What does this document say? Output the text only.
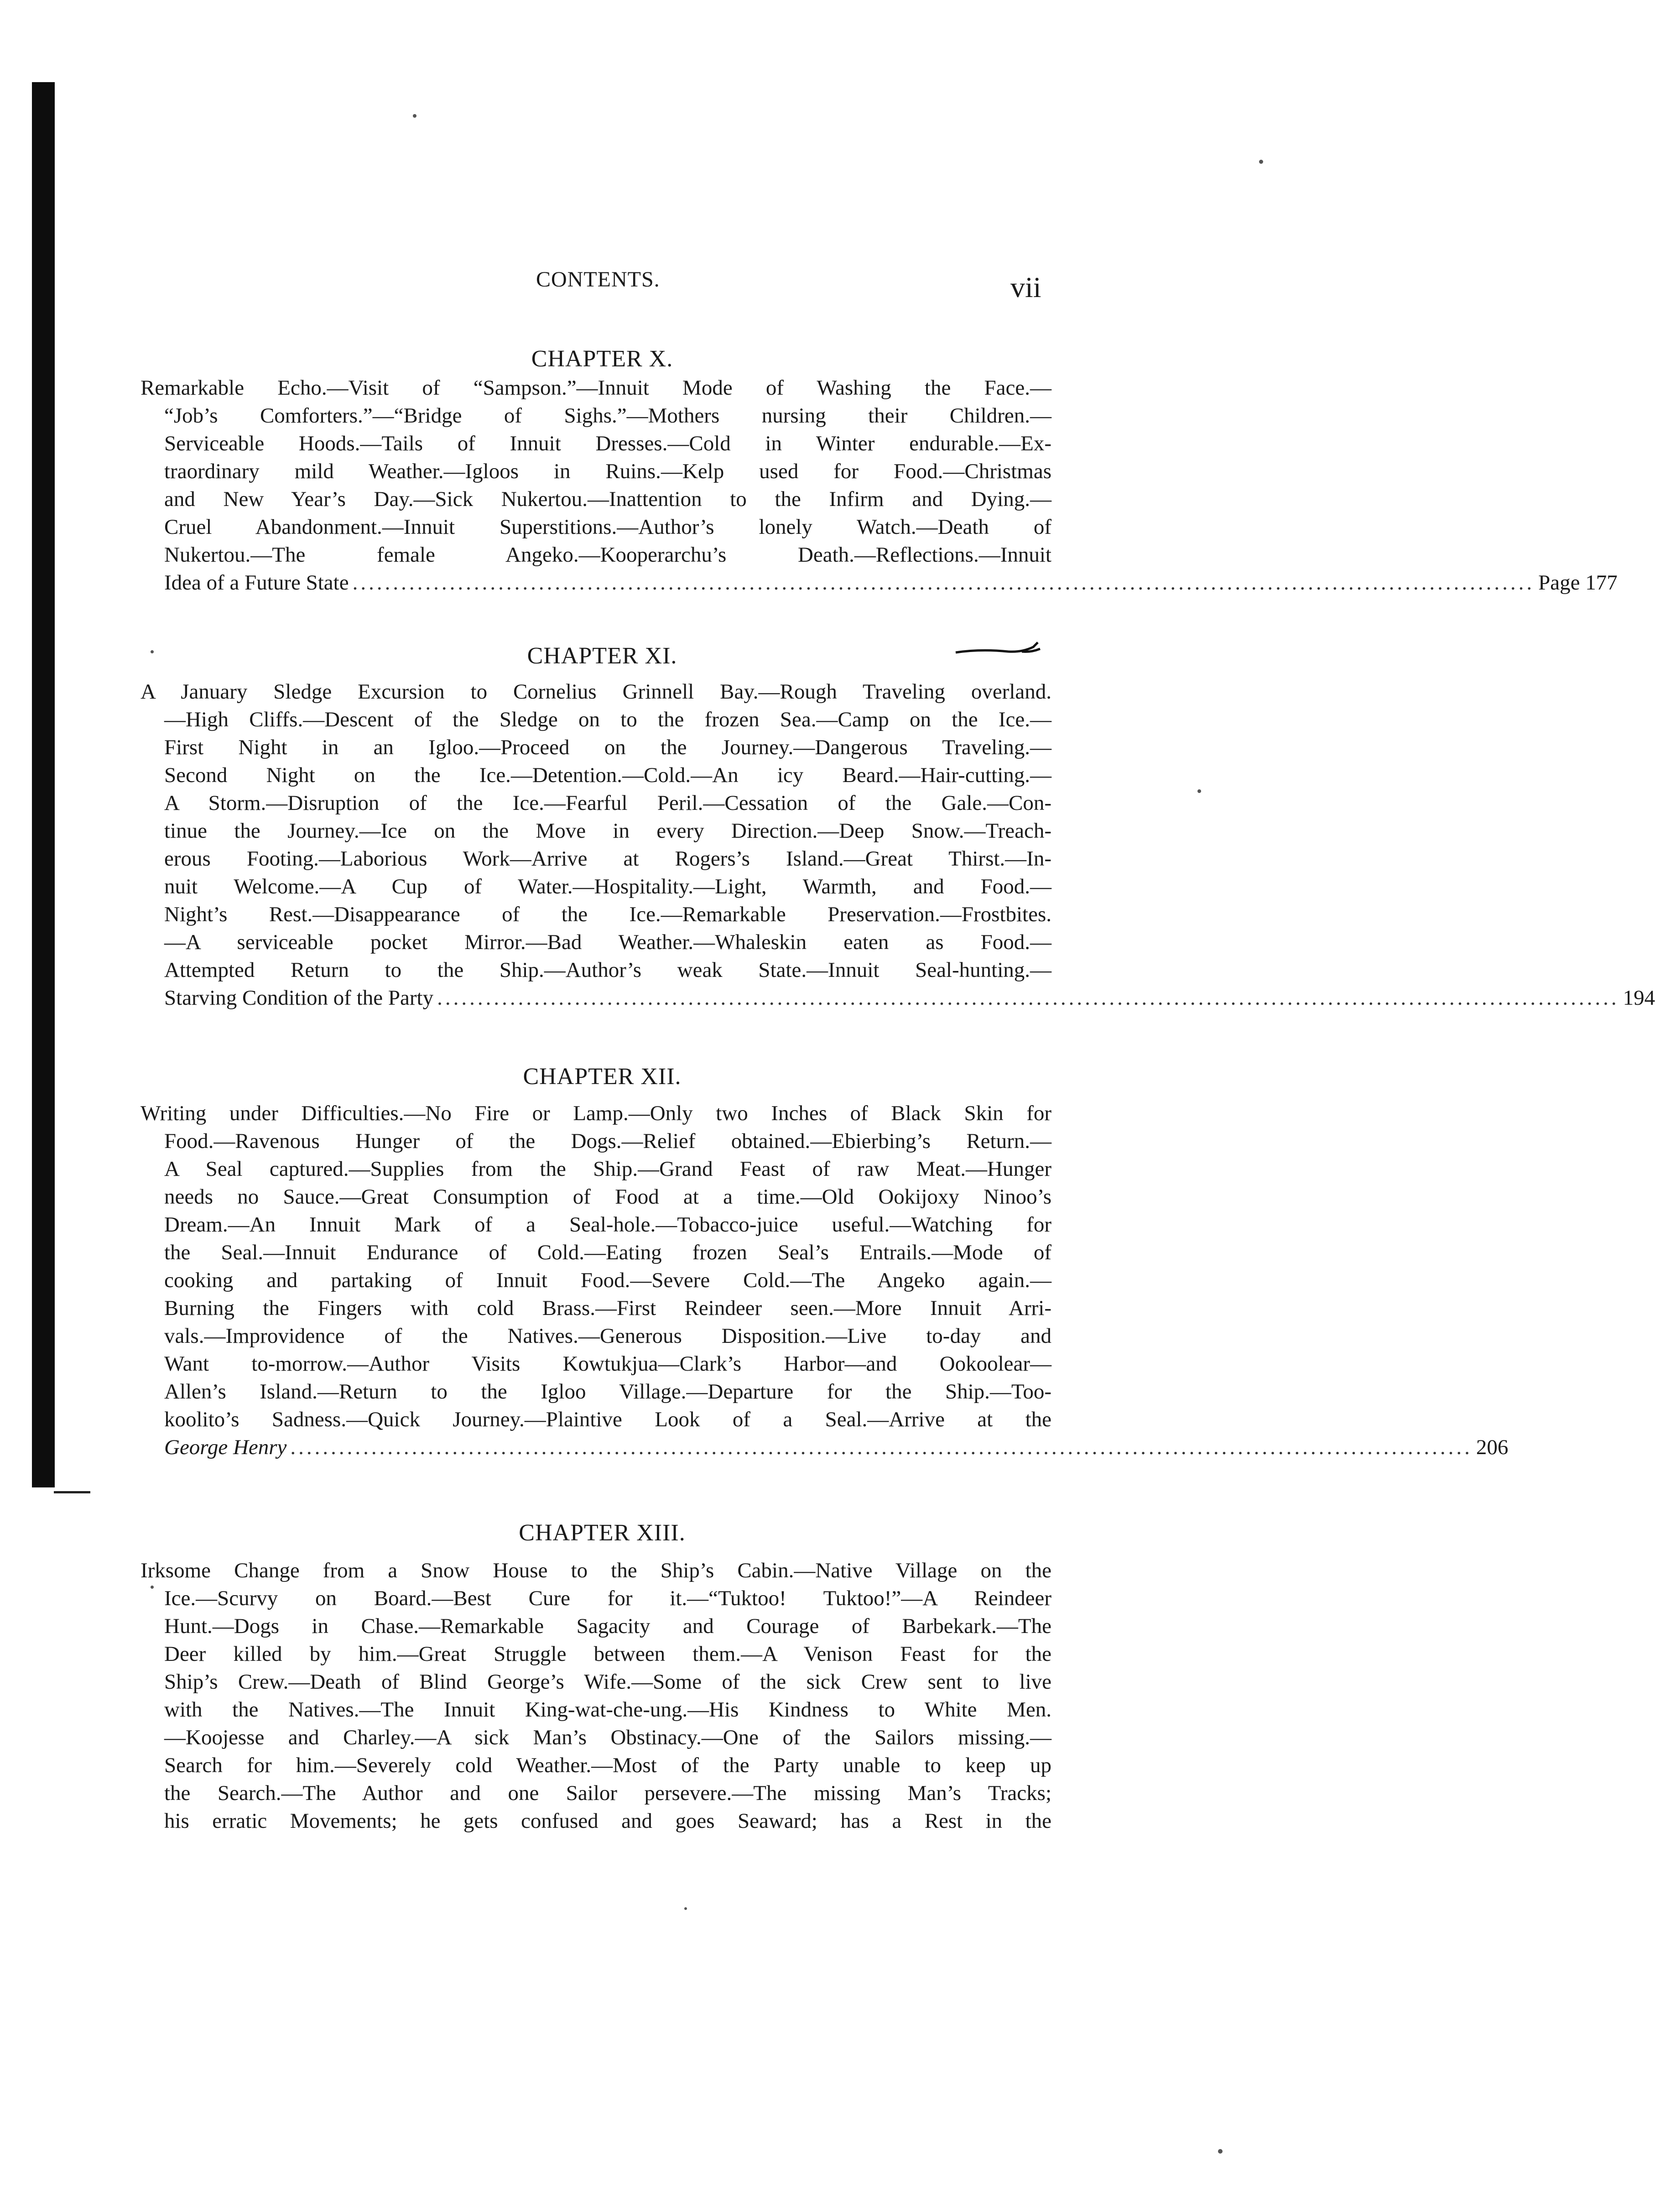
CONTENTS.	vii
CHAPTER X.
Remarkable Echo.—Visit of “Sampson.”—Innuit Mode of Washing the Face.—
“Job’s Comforters.”—“Bridge of Sighs.”—Mothers nursing their Children.—
Serviceable Hoods.—Tails of Innuit Dresses.—Cold in Winter endurable.—Ex-
traordinary mild Weather.—Igloos in Ruins.—Kelp used for Food.—Christmas
and New Year’s Day.—Sick Nukertou.—Inattention to the Infirm and Dying.—
Cruel Abandonment.—Innuit Superstitions.—Author’s lonely Watch.—Death of
Nukertou.—The female Angeko.—Kooperarchu’s Death.—Reflections.—Innuit
Idea of a Future State .................................................................................................................................................. Page 177
CHAPTER XI.
A January Sledge Excursion to Cornelius Grinnell Bay.—Rough Traveling overland.
—High Cliffs.—Descent of the Sledge on to the frozen Sea.—Camp on the Ice.—
First Night in an Igloo.—Proceed on the Journey.—Dangerous Traveling.—
Second Night on the Ice.—Detention.—Cold.—An icy Beard.—Hair-cutting.—
A Storm.—Disruption of the Ice.—Fearful Peril.—Cessation of the Gale.—Con-
tinue the Journey.—Ice on the Move in every Direction.—Deep Snow.—Treach-
erous Footing.—Laborious Work—Arrive at Rogers’s Island.—Great Thirst.—In-
nuit Welcome.—A Cup of Water.—Hospitality.—Light, Warmth, and Food.—
Night’s Rest.—Disappearance of the Ice.—Remarkable Preservation.—Frostbites.
—A serviceable pocket Mirror.—Bad Weather.—Whaleskin eaten as Food.—
Attempted Return to the Ship.—Author’s weak State.—Innuit Seal-hunting.—
Starving Condition of the Party .................................................................................................................................................. 194
CHAPTER XII.
Writing under Difficulties.—No Fire or Lamp.—Only two Inches of Black Skin for
Food.—Ravenous Hunger of the Dogs.—Relief obtained.—Ebierbing’s Return.—
A Seal captured.—Supplies from the Ship.—Grand Feast of raw Meat.—Hunger
needs no Sauce.—Great Consumption of Food at a time.—Old Ookijoxy Ninoo’s
Dream.—An Innuit Mark of a Seal-hole.—Tobacco-juice useful.—Watching for
the Seal.—Innuit Endurance of Cold.—Eating frozen Seal’s Entrails.—Mode of
cooking and partaking of Innuit Food.—Severe Cold.—The Angeko again.—
Burning the Fingers with cold Brass.—First Reindeer seen.—More Innuit Arri-
vals.—Improvidence of the Natives.—Generous Disposition.—Live to-day and
Want to-morrow.—Author Visits Kowtukjua—Clark’s Harbor—and Ookoolear—
Allen’s Island.—Return to the Igloo Village.—Departure for the Ship.—Too-
koolito’s Sadness.—Quick Journey.—Plaintive Look of a Seal.—Arrive at the
George Henry .................................................................................................................................................. 206
CHAPTER XIII.
Irksome Change from a Snow House to the Ship’s Cabin.—Native Village on the
Ice.—Scurvy on Board.—Best Cure for it.—“Tuktoo! Tuktoo!”—A Reindeer
Hunt.—Dogs in Chase.—Remarkable Sagacity and Courage of Barbekark.—The
Deer killed by him.—Great Struggle between them.—A Venison Feast for the
Ship’s Crew.—Death of Blind George’s Wife.—Some of the sick Crew sent to live
with the Natives.—The Innuit King-wat-che-ung.—His Kindness to White Men.
—Koojesse and Charley.—A sick Man’s Obstinacy.—One of the Sailors missing.—
Search for him.—Severely cold Weather.—Most of the Party unable to keep up
the Search.—The Author and one Sailor persevere.—The missing Man’s Tracks;
his erratic Movements; he gets confused and goes Seaward; has a Rest in the
